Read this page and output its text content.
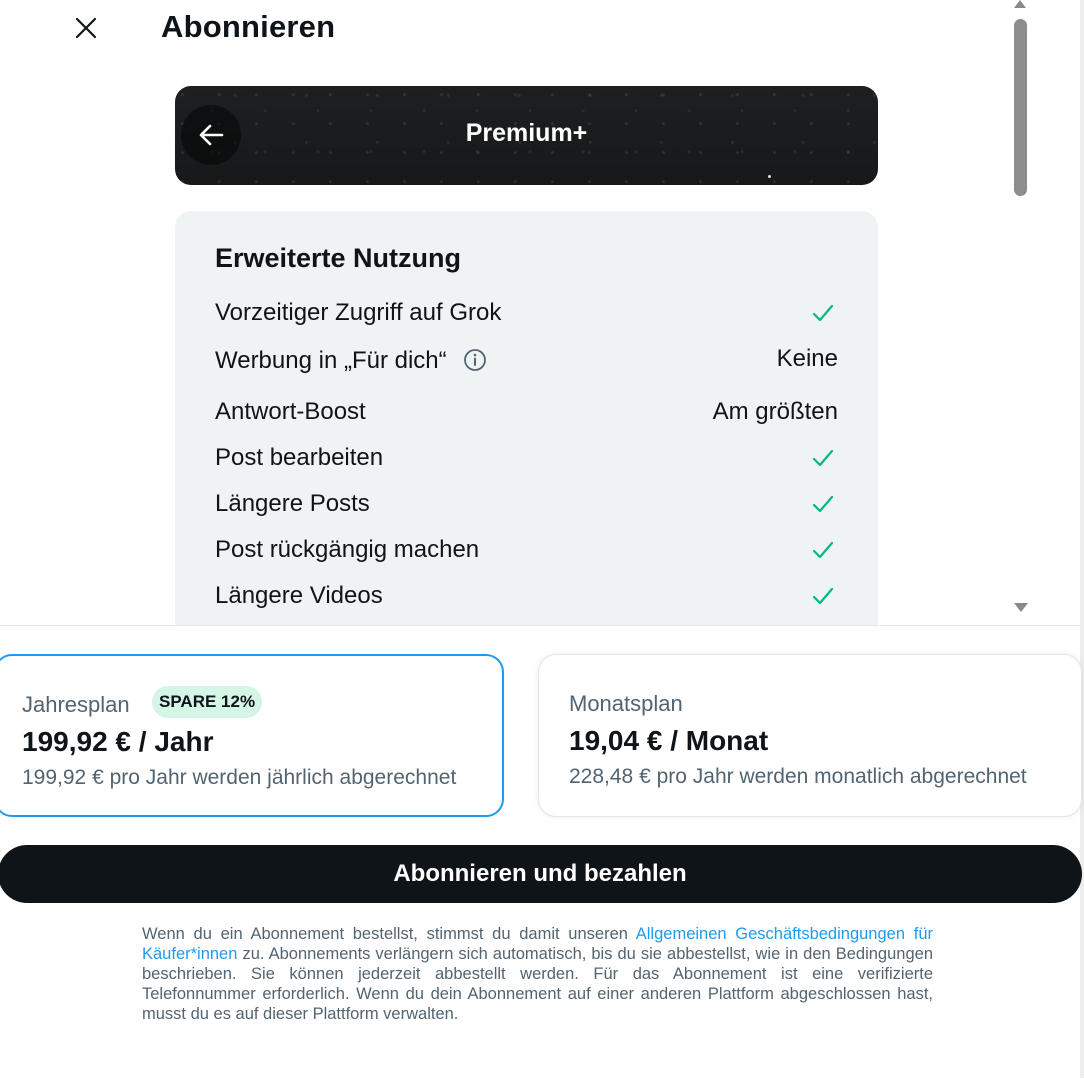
Abonnieren
Premium+
Erweiterte Nutzung
Vorzeitiger Zugriff auf Grok
Werbung in „Für dich“	Keine
Antwort-Boost	Am größten
Post bearbeiten
Längere Posts
Post rückgängig machen
Längere Videos
Jahresplan	SPARE 12%
199,92 € / Jahr
199,92 € pro Jahr werden jährlich abgerechnet
Monatsplan
19,04 € / Monat
228,48 € pro Jahr werden monatlich abgerechnet
Abonnieren und bezahlen
Wenn du ein Abonnement bestellst, stimmst du damit unseren Allgemeinen Geschäftsbedingungen für Käufer*innen zu. Abonnements verlängern sich automatisch, bis du sie abbestellst, wie in den Bedingungen beschrieben. Sie können jederzeit abbestellt werden. Für das Abonnement ist eine verifizierte Telefonnummer erforderlich. Wenn du dein Abonnement auf einer anderen Plattform abgeschlossen hast, musst du es auf dieser Plattform verwalten.
